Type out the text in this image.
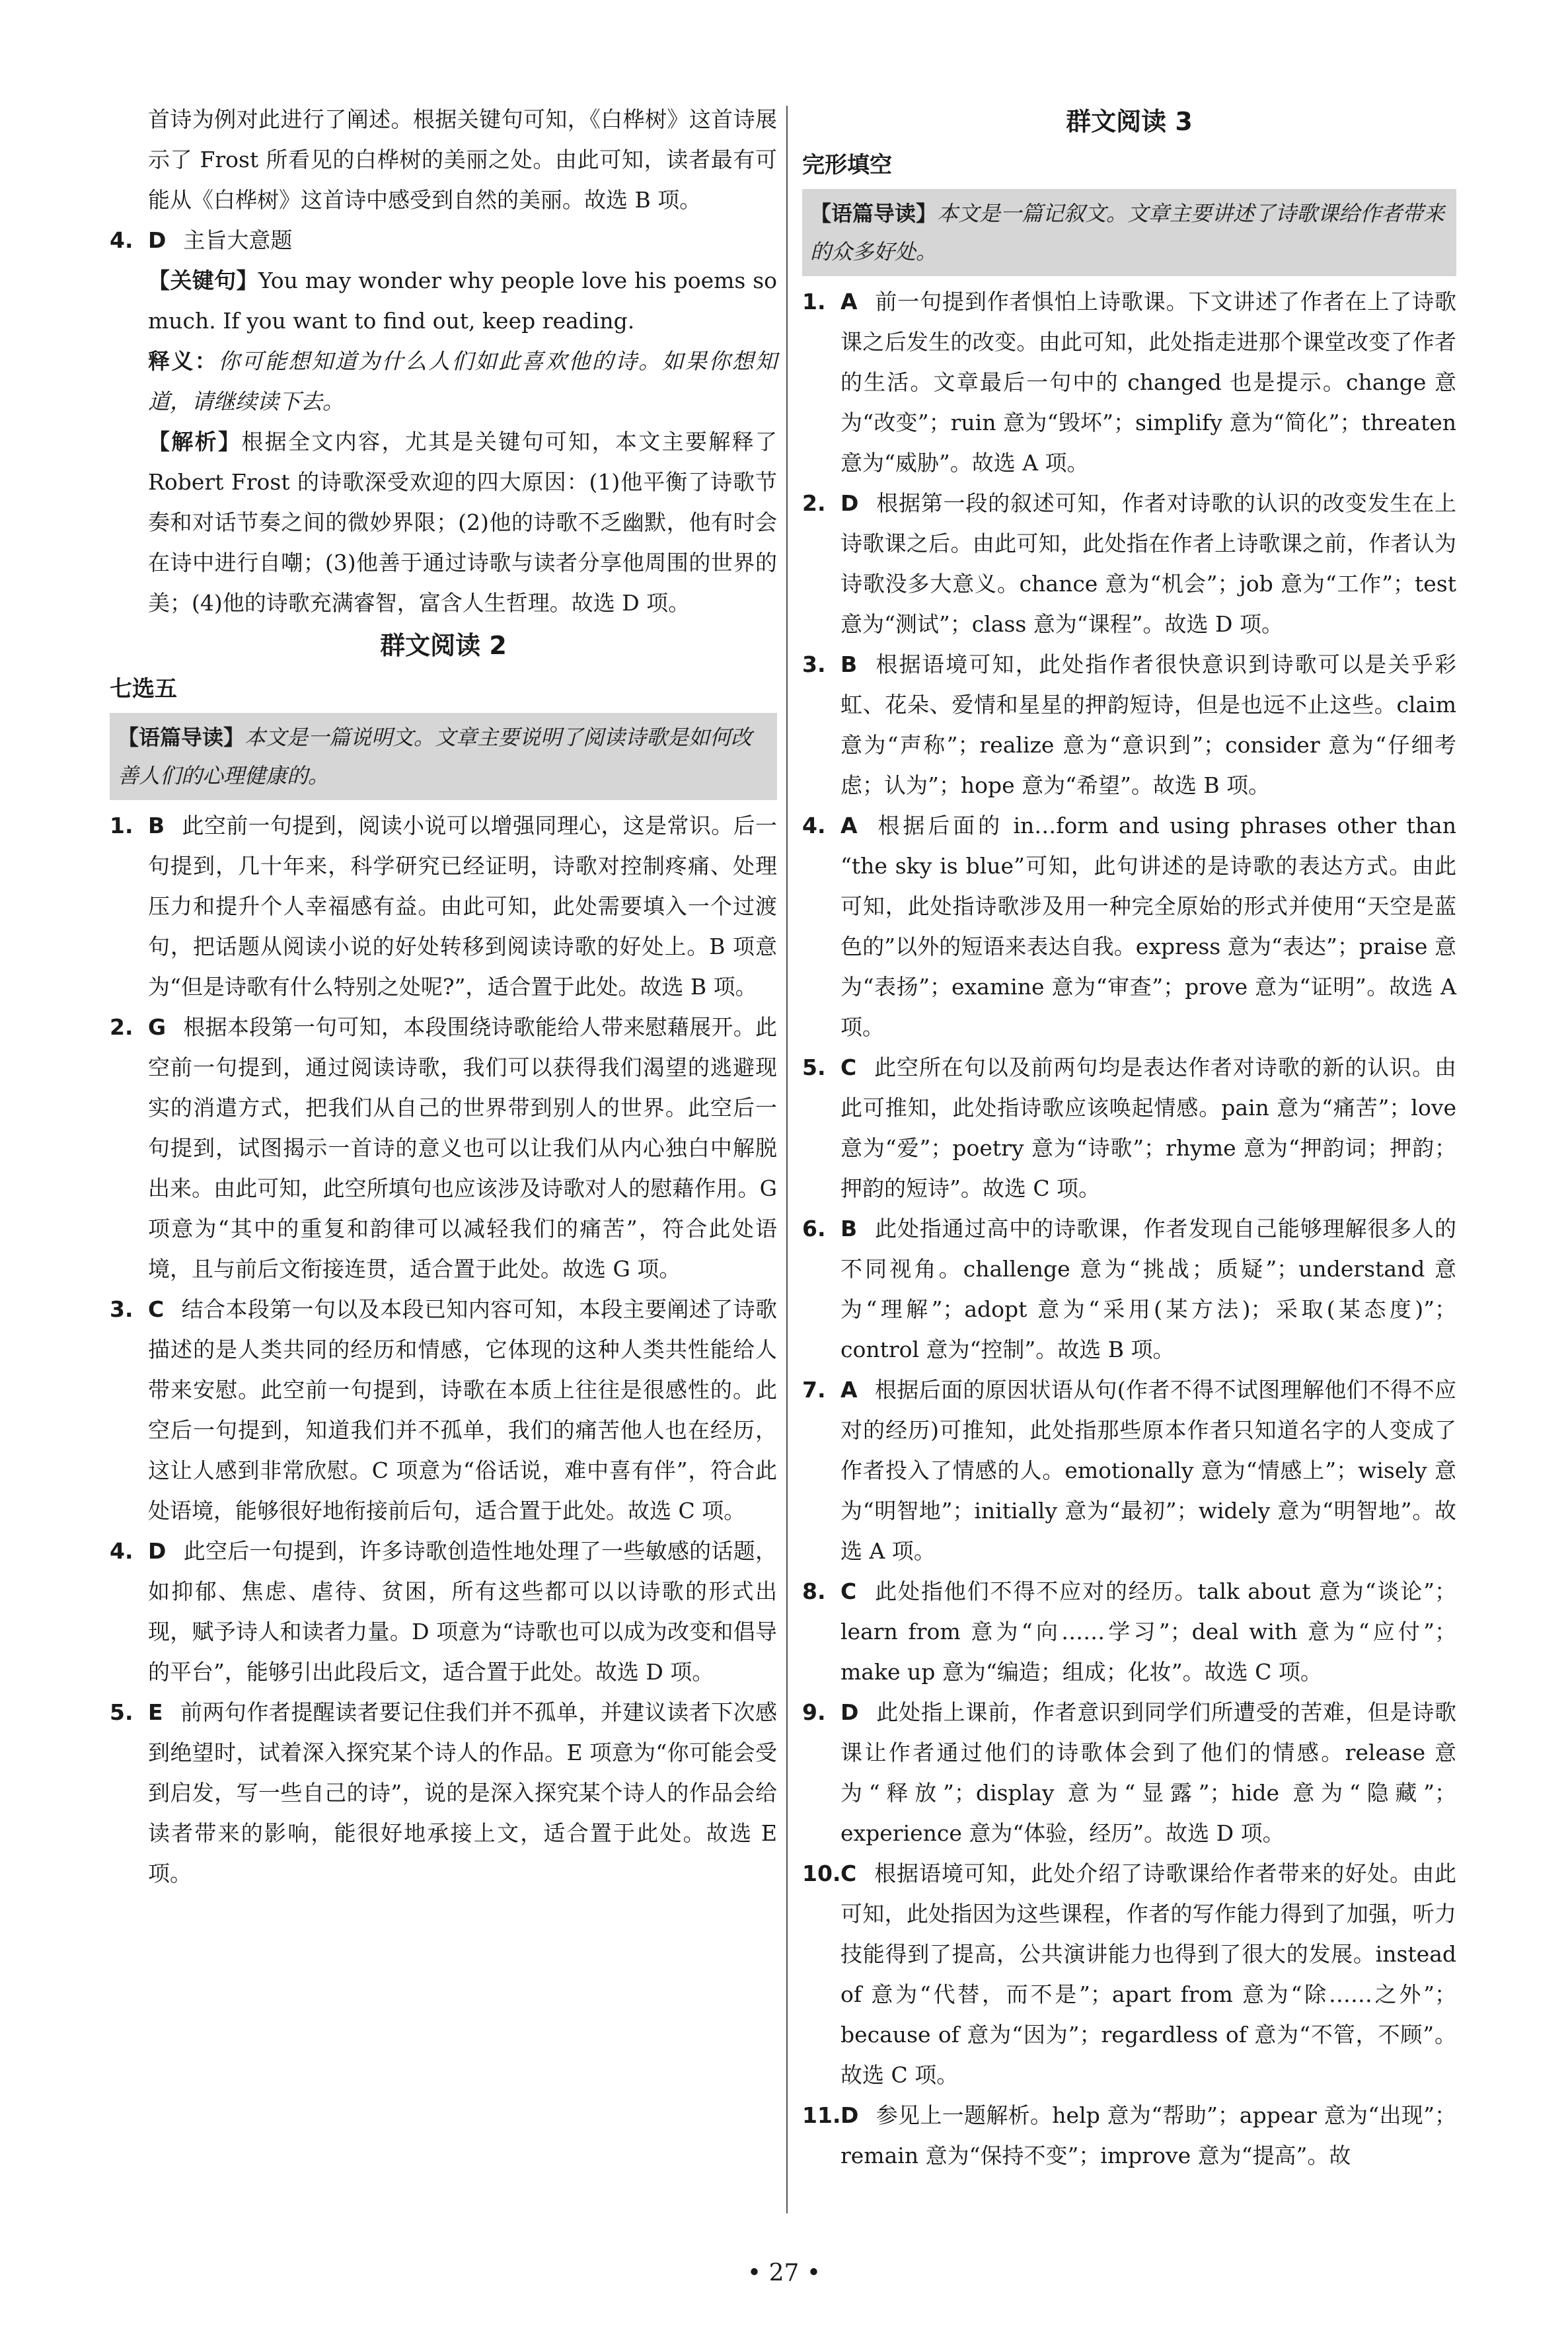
首诗为例对此进行了阐述。根据关键句可知，《白桦树》这首诗展示了 Frost 所看见的白桦树的美丽之处。由此可知，读者最有可能从《白桦树》这首诗中感受到自然的美丽。故选 B 项。

4. D 主旨大意题

【关键句】You may wonder why people love his poems so much. If you want to find out, keep reading.

释义：你可能想知道为什么人们如此喜欢他的诗。如果你想知道，请继续读下去。

【解析】根据全文内容，尤其是关键句可知，本文主要解释了 Robert Frost 的诗歌深受欢迎的四大原因：(1)他平衡了诗歌节奏和对话节奏之间的微妙界限；(2)他的诗歌不乏幽默，他有时会在诗中进行自嘲；(3)他善于通过诗歌与读者分享他周围的世界的美；(4)他的诗歌充满睿智，富含人生哲理。故选 D 项。

群文阅读 2
七选五
【语篇导读】本文是一篇说明文。文章主要说明了阅读诗歌是如何改善人们的心理健康的。
1. B 此空前一句提到，阅读小说可以增强同理心，这是常识。后一句提到，几十年来，科学研究已经证明，诗歌对控制疼痛、处理压力和提升个人幸福感有益。由此可知，此处需要填入一个过渡句，把话题从阅读小说的好处转移到阅读诗歌的好处上。B 项意为“但是诗歌有什么特别之处呢?”，适合置于此处。故选 B 项。
2. G 根据本段第一句可知，本段围绕诗歌能给人带来慰藉展开。此空前一句提到，通过阅读诗歌，我们可以获得我们渴望的逃避现实的消遣方式，把我们从自己的世界带到别人的世界。此空后一句提到，试图揭示一首诗的意义也可以让我们从内心独白中解脱出来。由此可知，此空所填句也应该涉及诗歌对人的慰藉作用。G 项意为“其中的重复和韵律可以减轻我们的痛苦”，符合此处语境，且与前后文衔接连贯，适合置于此处。故选 G 项。
3. C 结合本段第一句以及本段已知内容可知，本段主要阐述了诗歌描述的是人类共同的经历和情感，它体现的这种人类共性能给人带来安慰。此空前一句提到，诗歌在本质上往往是很感性的。此空后一句提到，知道我们并不孤单，我们的痛苦他人也在经历，这让人感到非常欣慰。C 项意为“俗话说，难中喜有伴”，符合此处语境，能够很好地衔接前后句，适合置于此处。故选 C 项。
4. D 此空后一句提到，许多诗歌创造性地处理了一些敏感的话题，如抑郁、焦虑、虐待、贫困，所有这些都可以以诗歌的形式出现，赋予诗人和读者力量。D 项意为“诗歌也可以成为改变和倡导的平台”，能够引出此段后文，适合置于此处。故选 D 项。
5. E 前两句作者提醒读者要记住我们并不孤单，并建议读者下次感到绝望时，试着深入探究某个诗人的作品。E 项意为“你可能会受到启发，写一些自己的诗”，说的是深入探究某个诗人的作品会给读者带来的影响，能很好地承接上文，适合置于此处。故选 E 项。
群文阅读 3
完形填空
【语篇导读】本文是一篇记叙文。文章主要讲述了诗歌课给作者带来的众多好处。
1. A 前一句提到作者惧怕上诗歌课。下文讲述了作者在上了诗歌课之后发生的改变。由此可知，此处指走进那个课堂改变了作者的生活。文章最后一句中的 changed 也是提示。change 意为“改变”；ruin 意为“毁坏”；simplify 意为“简化”；threaten 意为“威胁”。故选 A 项。
2. D 根据第一段的叙述可知，作者对诗歌的认识的改变发生在上诗歌课之后。由此可知，此处指在作者上诗歌课之前，作者认为诗歌没多大意义。chance 意为“机会”；job 意为“工作”；test 意为“测试”；class 意为“课程”。故选 D 项。
3. B 根据语境可知，此处指作者很快意识到诗歌可以是关乎彩虹、花朵、爱情和星星的押韵短诗，但是也远不止这些。claim 意为“声称”；realize 意为“意识到”；consider 意为“仔细考虑；认为”；hope 意为“希望”。故选 B 项。
4. A 根据后面的 in…form and using phrases other than “the sky is blue”可知，此句讲述的是诗歌的表达方式。由此可知，此处指诗歌涉及用一种完全原始的形式并使用“天空是蓝色的”以外的短语来表达自我。express 意为“表达”；praise 意为“表扬”；examine 意为“审查”；prove 意为“证明”。故选 A 项。
5. C 此空所在句以及前两句均是表达作者对诗歌的新的认识。由此可推知，此处指诗歌应该唤起情感。pain 意为“痛苦”；love 意为“爱”；poetry 意为“诗歌”；rhyme 意为“押韵词；押韵；押韵的短诗”。故选 C 项。
6. B 此处指通过高中的诗歌课，作者发现自己能够理解很多人的不同视角。challenge 意为“挑战；质疑”；understand 意为“理解”；adopt 意为“采用(某方法)；采取(某态度)”；control 意为“控制”。故选 B 项。
7. A 根据后面的原因状语从句(作者不得不试图理解他们不得不应对的经历)可推知，此处指那些原本作者只知道名字的人变成了作者投入了情感的人。emotionally 意为“情感上”；wisely 意为“明智地”；initially 意为“最初”；widely 意为“明智地”。故选 A 项。
8. C 此处指他们不得不应对的经历。talk about 意为“谈论”；learn from 意为“向……学习”；deal with 意为“应付”；make up 意为“编造；组成；化妆”。故选 C 项。
9. D 此处指上课前，作者意识到同学们所遭受的苦难，但是诗歌课让作者通过他们的诗歌体会到了他们的情感。release 意为“释放”；display 意为“显露”；hide 意为“隐藏”；experience 意为“体验，经历”。故选 D 项。
10. C 根据语境可知，此处介绍了诗歌课给作者带来的好处。由此可知，此处指因为这些课程，作者的写作能力得到了加强，听力技能得到了提高，公共演讲能力也得到了很大的发展。instead of 意为“代替，而不是”；apart from 意为“除……之外”；because of 意为“因为”；regardless of 意为“不管，不顾”。故选 C 项。
11. D 参见上一题解析。help 意为“帮助”；appear 意为“出现”；remain 意为“保持不变”；improve 意为“提高”。故
• 27 •
